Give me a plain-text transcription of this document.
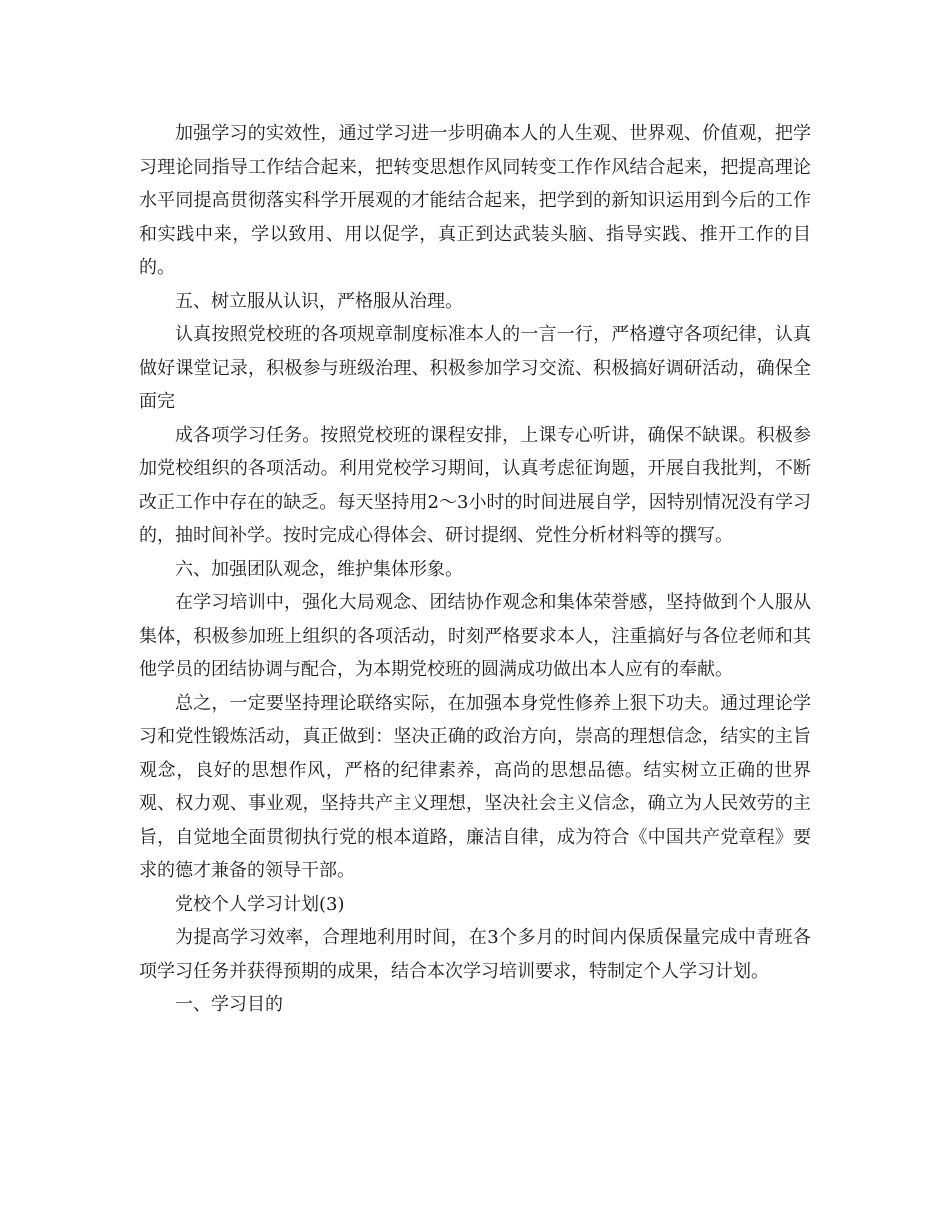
加强学习的实效性，通过学习进一步明确本人的人生观、世界观、价值观，把学习理论同指导工作结合起来，把转变思想作风同转变工作作风结合起来，把提高理论水平同提高贯彻落实科学开展观的才能结合起来，把学到的新知识运用到今后的工作和实践中来，学以致用、用以促学，真正到达武装头脑、指导实践、推开工作的目的。

五、树立服从认识，严格服从治理。

认真按照党校班的各项规章制度标准本人的一言一行，严格遵守各项纪律，认真做好课堂记录，积极参与班级治理、积极参加学习交流、积极搞好调研活动，确保全面完

成各项学习任务。按照党校班的课程安排，上课专心听讲，确保不缺课。积极参加党校组织的各项活动。利用党校学习期间，认真考虑征询题，开展自我批判，不断改正工作中存在的缺乏。每天坚持用2～3小时的时间进展自学，因特别情况没有学习的，抽时间补学。按时完成心得体会、研讨提纲、党性分析材料等的撰写。

六、加强团队观念，维护集体形象。

在学习培训中，强化大局观念、团结协作观念和集体荣誉感，坚持做到个人服从集体，积极参加班上组织的各项活动，时刻严格要求本人，注重搞好与各位老师和其他学员的团结协调与配合，为本期党校班的圆满成功做出本人应有的奉献。

总之，一定要坚持理论联络实际，在加强本身党性修养上狠下功夫。通过理论学习和党性锻炼活动，真正做到：坚决正确的政治方向，崇高的理想信念，结实的主旨观念，良好的思想作风，严格的纪律素养，高尚的思想品德。结实树立正确的世界观、权力观、事业观，坚持共产主义理想，坚决社会主义信念，确立为人民效劳的主旨，自觉地全面贯彻执行党的根本道路，廉洁自律，成为符合《中国共产党章程》要求的德才兼备的领导干部。

党校个人学习计划(3)

为提高学习效率，合理地利用时间，在3个多月的时间内保质保量完成中青班各项学习任务并获得预期的成果，结合本次学习培训要求，特制定个人学习计划。

一、学习目的
